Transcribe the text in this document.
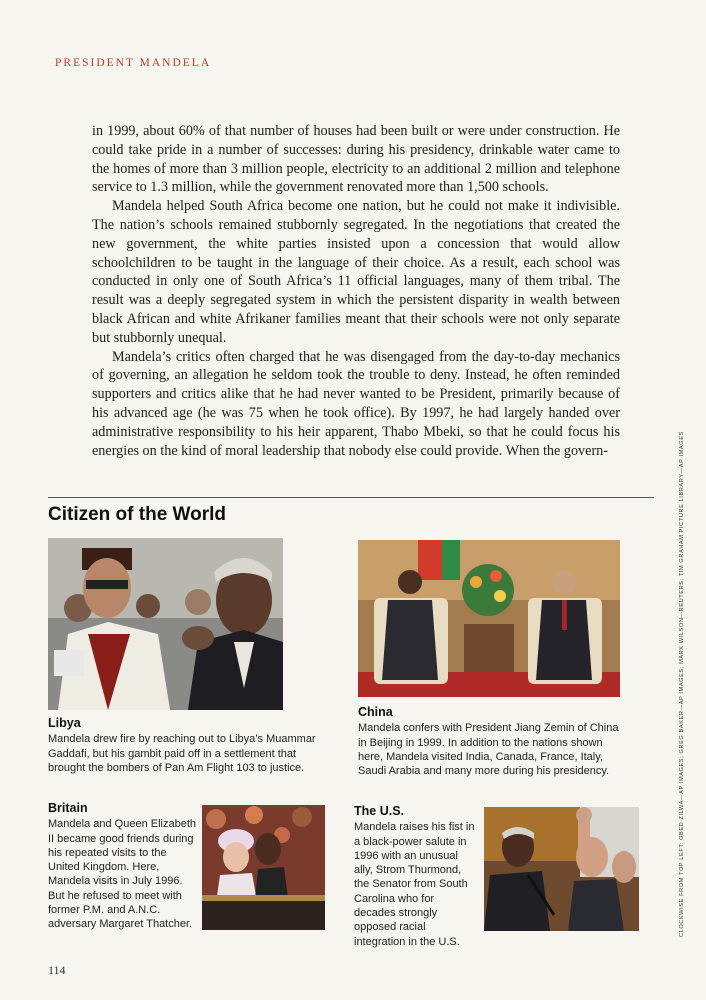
PRESIDENT MANDELA

in 1999, about 60% of that number of houses had been built or were under construction. He could take pride in a number of successes: during his presidency, drinkable water came to the homes of more than 3 million people, electricity to an additional 2 million and telephone service to 1.3 million, while the government renovated more than 1,500 schools.

Mandela helped South Africa become one nation, but he could not make it indivisible. The nation’s schools remained stubbornly segregated. In the negotiations that created the new government, the white parties insisted upon a concession that would allow schoolchildren to be taught in the language of their choice. As a result, each school was conducted in only one of South Africa’s 11 official languages, many of them tribal. The result was a deeply segregated system in which the persistent disparity in wealth between black African and white Afrikaner families meant that their schools were not only separate but stubbornly unequal.

Mandela’s critics often charged that he was disengaged from the day-to-day mechanics of governing, an allegation he seldom took the trouble to deny. Instead, he often reminded supporters and critics alike that he had never wanted to be President, primarily because of his advanced age (he was 75 when he took office). By 1997, he had largely handed over administrative responsibility to his heir apparent, Thabo Mbeki, so that he could focus his energies on the kind of moral leadership that nobody else could provide. When the govern-

Citizen of the World
Libya
Mandela drew fire by reaching out to Libya’s Muammar Gaddafi, but his gambit paid off in a settlement that brought the bombers of Pan Am Flight 103 to justice.
China
Mandela confers with President Jiang Zemin of China in Beijing in 1999. In addition to the nations shown here, Mandela visited India, Canada, France, Italy, Saudi Arabia and many more during his presidency.
Britain
Mandela and Queen Elizabeth II became good friends during his repeated visits to the United Kingdom. Here, Mandela visits in July 1996. But he refused to meet with former P.M. and A.N.C. adversary Margaret Thatcher.
The U.S.
Mandela raises his fist in a black-power salute in 1996 with an unusual ally, Strom Thurmond, the Senator from South Carolina who for decades strongly opposed racial integration in the U.S.
CLOCKWISE FROM TOP LEFT: OBED ZILWA—AP IMAGES; GREG BAKER—AP IMAGES; MARK WILSON—REUTERS; TIM GRAHAM PICTURE LIBRARY—AP IMAGES
114
